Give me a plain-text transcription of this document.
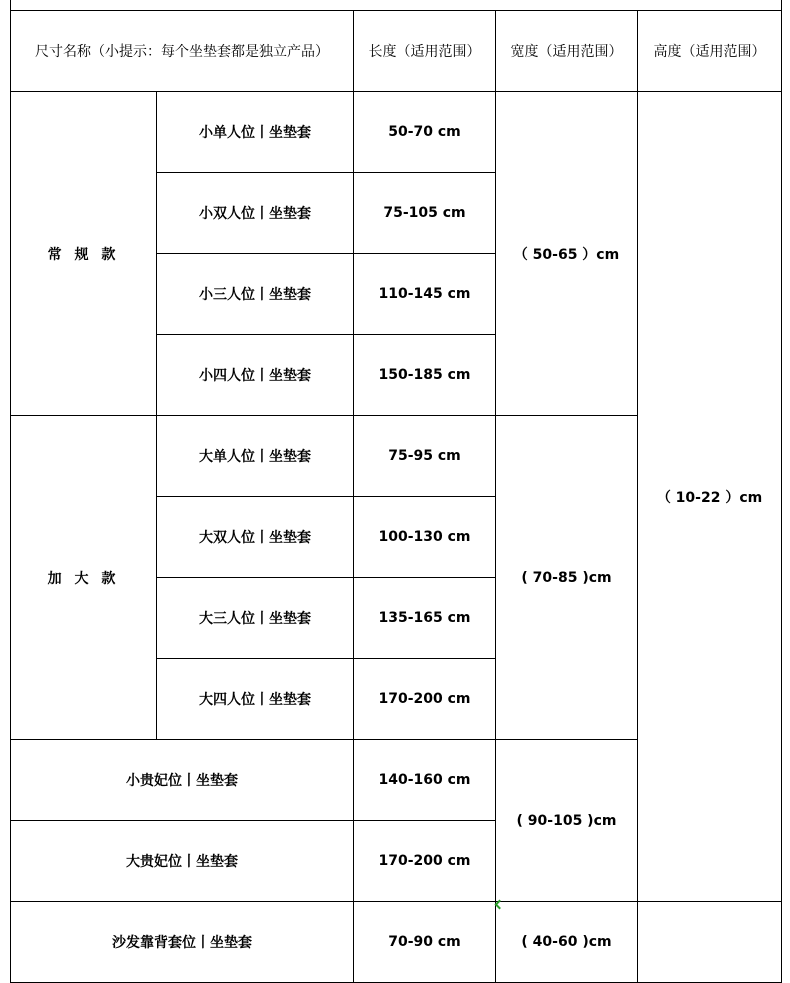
尺寸名称（小提示：每个坐垫套都是独立产品）		长度（适用范围）	宽度（适用范围）	高度（适用范围）
常 规 款	小单人位丨坐垫套	50-70 cm	（ 50-65 ）cm	（ 10-22 ）cm
	小双人位丨坐垫套	75-105 cm		
	小三人位丨坐垫套	110-145 cm		
	小四人位丨坐垫套	150-185 cm		
加 大 款	大单人位丨坐垫套	75-95 cm	( 70-85 )cm	
	大双人位丨坐垫套	100-130 cm		
	大三人位丨坐垫套	135-165 cm		
	大四人位丨坐垫套	170-200 cm		
小贵妃位丨坐垫套		140-160 cm	( 90-105 )cm	
大贵妃位丨坐垫套		170-200 cm		
沙发靠背套位丨坐垫套		70-90 cm	( 40-60 )cm	
